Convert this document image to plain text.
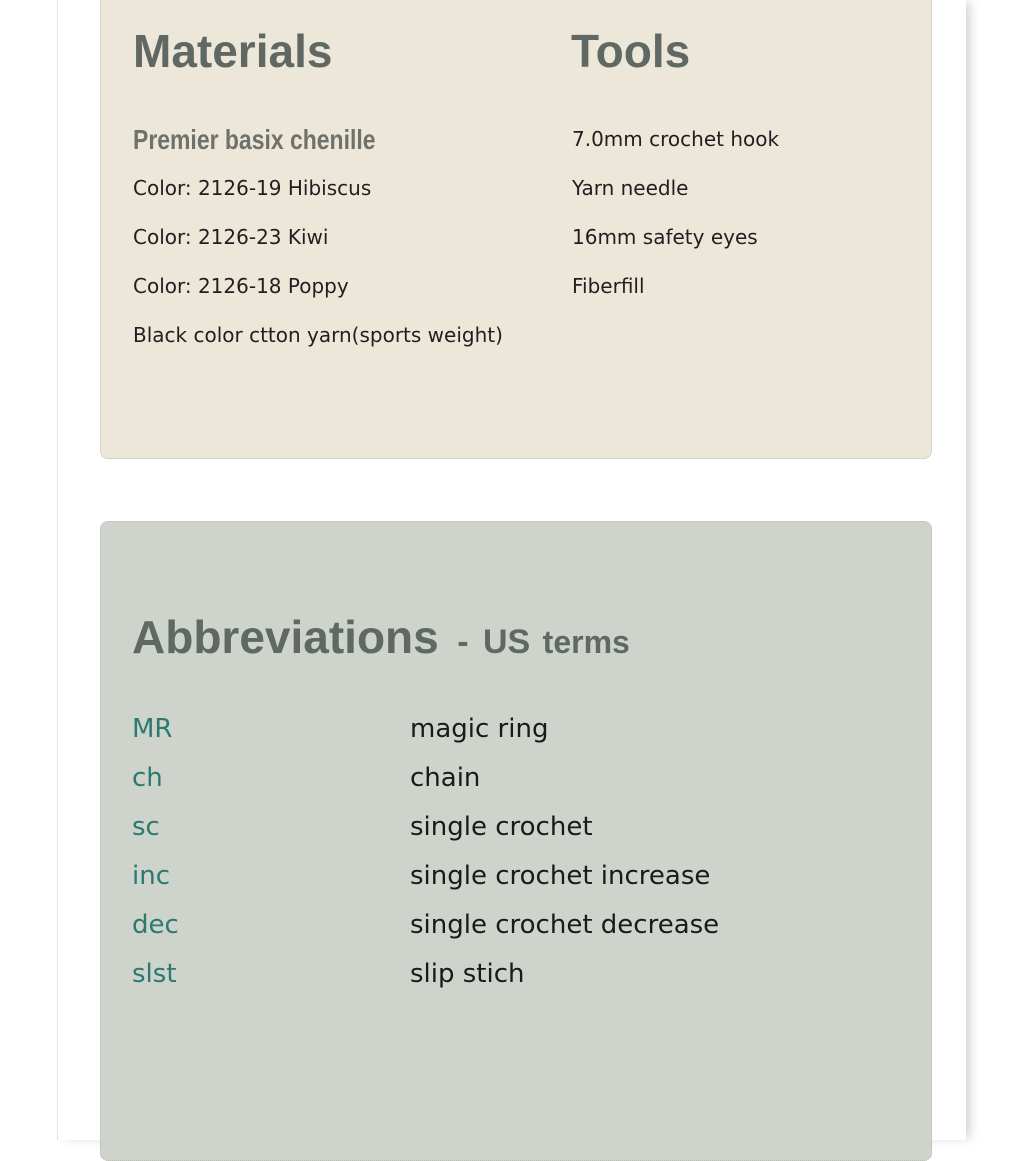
Materials	Tools
Premier basix chenille
Color: 2126-19 Hibiscus
Color: 2126-23 Kiwi
Color: 2126-18 Poppy
Black color ctton yarn(sports weight)
7.0mm crochet hook
Yarn needle
16mm safety eyes
Fiberfill
Abbreviations - US terms
MR	magic ring
ch	chain
sc	single crochet
inc	single crochet increase
dec	single crochet decrease
slst	slip stich
